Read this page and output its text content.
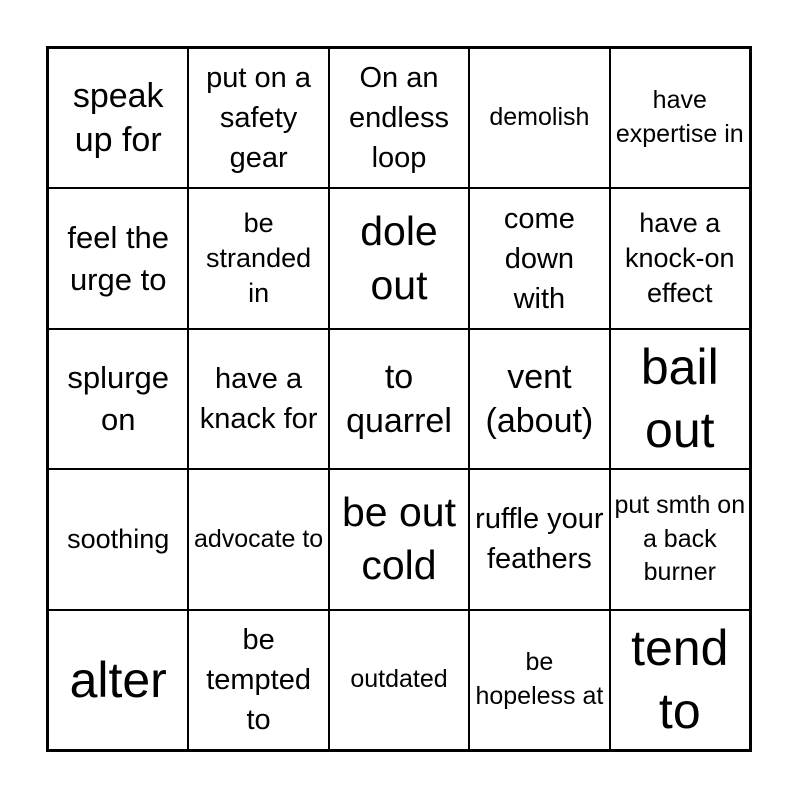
speak up for
put on a safety gear
On an endless loop
demolish
have expertise in
feel the urge to
be stranded in
dole out
come down with
have a knock-on effect
splurge on
have a knack for
to quarrel
vent (about)
bail out
soothing advocate to
be out cold
ruffle your feathers
put smth on a back burner
alter
be tempted to
outdated
be hopeless at
tend to
